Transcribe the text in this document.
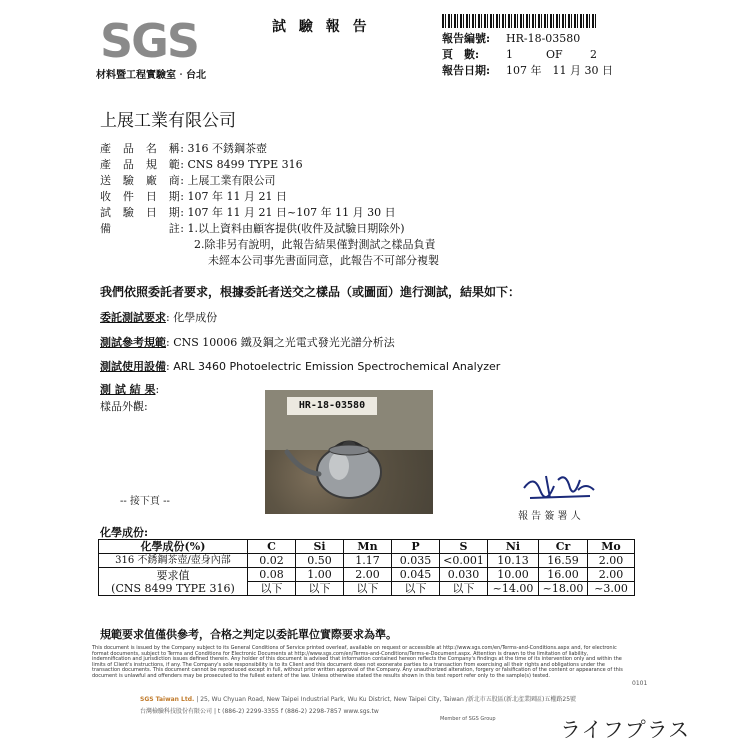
SGS
材料暨工程實驗室‧台北
試 驗 報 告
報告編號: HR-18-03580
頁　數: 1	OF 2
報告日期: 107 年　11 月 30 日
上展工業有限公司
產　品　名　稱: 316 不銹鋼茶壺
產　品　規　範: CNS 8499 TYPE 316
送　驗　廠　商: 上展工業有限公司
收　件　日　期: 107 年 11 月 21 日
試　驗　日　期: 107 年 11 月 21 日~107 年 11 月 30 日
備　　　　　註: 1.以上資料由顧客提供(收件及試驗日期除外)
2.除非另有說明，此報告結果僅對測試之樣品負責
未經本公司事先書面同意，此報告不可部分複製
我們依照委託者要求，根據委託者送交之樣品（或圖面）進行測試，結果如下：
委託測試要求: 化學成份
測試參考規範: CNS 10006 鐵及鋼之光電式發光光譜分析法
測試使用設備: ARL 3460 Photoelectric Emission Spectrochemical Analyzer
測 試 結 果:
樣品外觀:	HR-18-03580
-- 接下頁 --
報 告 簽 署 人
化學成份:
化學成份(%)	C	Si	Mn	P	S	Ni	Cr	Mo
316 不銹鋼茶壺/壺身內部	0.02	0.50	1.17	0.035	<0.001	10.13	16.59	2.00

要求值
(CNS 8499 TYPE 316)	0.08	1.00	2.00	0.045	0.030	10.00	16.00	2.00
	以下	以下	以下	以下	以下	~14.00	~18.00	~3.00
規範要求值僅供參考，合格之判定以委託單位實際要求為準。
This document is issued by the Company subject to its General Conditions of Service printed overleaf, available on request or accessible at http://www.sgs.com/en/Terms-and-Conditions.aspx and, for electronic format documents, subject to Terms and Conditions for Electronic Documents at http://www.sgs.com/en/Terms-and-Conditions/Terms-e-Document.aspx. Attention is drawn to the limitation of liability, indemnification and jurisdiction issues defined therein. Any holder of this document is advised that information contained hereon reflects the Company's findings at the time of its intervention only and within the limits of Client's instructions, if any. The Company's sole responsibility is to its Client and this document does not exonerate parties to a transaction from exercising all their rights and obligations under the transaction documents. This document cannot be reproduced except in full, without prior written approval of the Company. Any unauthorized alteration, forgery or falsification of the content or appearance of this document is unlawful and offenders may be prosecuted to the fullest extent of the law. Unless otherwise stated the results shown in this test report refer only to the sample(s) tested.
SGS Taiwan Ltd. | 25, Wu Chyuan Road, New Taipei Industrial Park, Wu Ku District, New Taipei City, Taiwan /新北市五股區(新北產業園區)五權路25號
台灣檢驗科技股份有限公司 | t (886-2) 2299-3355 f (886-2) 2298-7857 www.sgs.tw
Member of SGS Group
0101
ライフプラス
